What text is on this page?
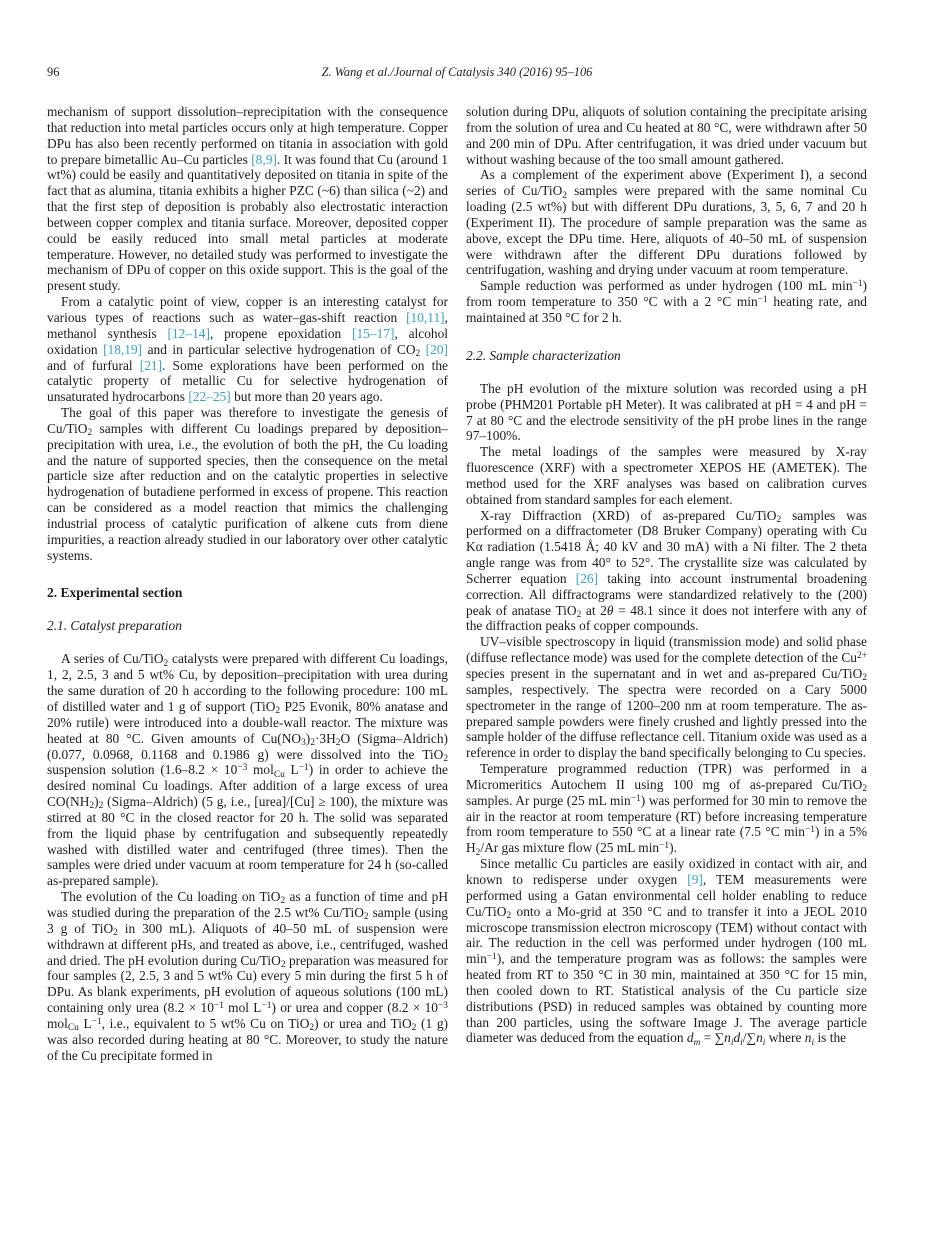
96	Z. Wang et al./Journal of Catalysis 340 (2016) 95–106

mechanism of support dissolution–reprecipitation with the consequence that reduction into metal particles occurs only at high temperature. Copper DPu has also been recently performed on titania in association with gold to prepare bimetallic Au–Cu particles [8,9]. It was found that Cu (around 1 wt%) could be easily and quantitatively deposited on titania in spite of the fact that as alumina, titania exhibits a higher PZC (~6) than silica (~2) and that the first step of deposition is probably also electrostatic interaction between copper complex and titania surface. Moreover, deposited copper could be easily reduced into small metal particles at moderate temperature. However, no detailed study was performed to investigate the mechanism of DPu of copper on this oxide support. This is the goal of the present study.

From a catalytic point of view, copper is an interesting catalyst for various types of reactions such as water–gas-shift reaction [10,11], methanol synthesis [12–14], propene epoxidation [15–17], alcohol oxidation [18,19] and in particular selective hydrogenation of $CO_2$ [20] and of furfural [21]. Some explorations have been performed on the catalytic property of metallic Cu for selective hydrogenation of unsaturated hydrocarbons [22–25] but more than 20 years ago.

The goal of this paper was therefore to investigate the genesis of Cu/TiO$_2$ samples with different Cu loadings prepared by deposition–precipitation with urea, i.e., the evolution of both the pH, the Cu loading and the nature of supported species, then the consequence on the metal particle size after reduction and on the catalytic properties in selective hydrogenation of butadiene performed in excess of propene. This reaction can be considered as a model reaction that mimics the challenging industrial process of catalytic purification of alkene cuts from diene impurities, a reaction already studied in our laboratory over other catalytic systems.

2. Experimental section
2.1. Catalyst preparation

A series of Cu/TiO$_2$ catalysts were prepared with different Cu loadings, 1, 2, 2.5, 3 and 5 wt% Cu, by deposition–precipitation with urea during the same duration of 20 h according to the following procedure: 100 mL of distilled water and 1 g of support (TiO$_2$ P25 Evonik, 80% anatase and 20% rutile) were introduced into a double-wall reactor. The mixture was heated at 80 °C. Given amounts of $Cu(NO_3)_2\cdot 3H_2O$ (Sigma–Aldrich) (0.077, 0.0968, 0.1168 and 0.1986 g) were dissolved into the TiO$_2$ suspension solution ($1.6-8.2 \times 10^{-3}$ mol$_{Cu}$ $L^{-1}$) in order to achieve the desired nominal Cu loadings. After addition of a large excess of urea $CO(NH_2)_2$ (Sigma–Aldrich) (5 g, i.e., [urea]/[Cu] ≥ 100), the mixture was stirred at 80 °C in the closed reactor for 20 h. The solid was separated from the liquid phase by centrifugation and subsequently repeatedly washed with distilled water and centrifuged (three times). Then the samples were dried under vacuum at room temperature for 24 h (so-called as-prepared sample).

The evolution of the Cu loading on TiO$_2$ as a function of time and pH was studied during the preparation of the 2.5 wt% Cu/TiO$_2$ sample (using 3 g of TiO$_2$ in 300 mL). Aliquots of 40–50 mL of suspension were withdrawn at different pHs, and treated as above, i.e., centrifuged, washed and dried. The pH evolution during Cu/TiO$_2$ preparation was measured for four samples (2, 2.5, 3 and 5 wt% Cu) every 5 min during the first 5 h of DPu. As blank experiments, pH evolution of aqueous solutions (100 mL) containing only urea ($8.2 \times 10^{-1}$ mol $L^{-1}$) or urea and copper ($8.2 \times 10^{-3}$ mol$_{Cu}$ $L^{-1}$, i.e., equivalent to 5 wt% Cu on TiO$_2$) or urea and TiO$_2$ (1 g) was also recorded during heating at 80 °C. Moreover, to study the nature of the Cu precipitate formed in

solution during DPu, aliquots of solution containing the precipitate arising from the solution of urea and Cu heated at 80 °C, were withdrawn after 50 and 200 min of DPu. After centrifugation, it was dried under vacuum but without washing because of the too small amount gathered.

As a complement of the experiment above (Experiment I), a second series of Cu/TiO$_2$ samples were prepared with the same nominal Cu loading (2.5 wt%) but with different DPu durations, 3, 5, 6, 7 and 20 h (Experiment II). The procedure of sample preparation was the same as above, except the DPu time. Here, aliquots of 40–50 mL of suspension were withdrawn after the different DPu durations followed by centrifugation, washing and drying under vacuum at room temperature.

Sample reduction was performed as under hydrogen (100 mL $\min^{-1}$) from room temperature to 350 °C with a 2 °C $\min^{-1}$ heating rate, and maintained at 350 °C for 2 h.

2.2. Sample characterization

The pH evolution of the mixture solution was recorded using a pH probe (PHM201 Portable pH Meter). It was calibrated at pH = 4 and pH = 7 at 80 °C and the electrode sensitivity of the pH probe lines in the range 97–100%.

The metal loadings of the samples were measured by X-ray fluorescence (XRF) with a spectrometer XEPOS HE (AMETEK). The method used for the XRF analyses was based on calibration curves obtained from standard samples for each element.

X-ray Diffraction (XRD) of as-prepared Cu/TiO$_2$ samples was performed on a diffractometer (D8 Bruker Company) operating with Cu Kα radiation (1.5418 Å; 40 kV and 30 mA) with a Ni filter. The 2 theta angle range was from 40° to 52°. The crystallite size was calculated by Scherrer equation [26] taking into account instrumental broadening correction. All diffractograms were standardized relatively to the (200) peak of anatase TiO$_2$ at 2θ = 48.1 since it does not interfere with any of the diffraction peaks of copper compounds.

UV–visible spectroscopy in liquid (transmission mode) and solid phase (diffuse reflectance mode) was used for the complete detection of the $Cu^{2+}$ species present in the supernatant and in wet and as-prepared Cu/TiO$_2$ samples, respectively. The spectra were recorded on a Cary 5000 spectrometer in the range of 1200–200 nm at room temperature. The as-prepared sample powders were finely crushed and lightly pressed into the sample holder of the diffuse reflectance cell. Titanium oxide was used as a reference in order to display the band specifically belonging to Cu species.

Temperature programmed reduction (TPR) was performed in a Micromeritics Autochem II using 100 mg of as-prepared Cu/TiO$_2$ samples. Ar purge (25 mL $\min^{-1}$) was performed for 30 min to remove the air in the reactor at room temperature (RT) before increasing temperature from room temperature to 550 °C at a linear rate (7.5 °C $\min^{-1}$) in a 5% $H_2/Ar$ gas mixture flow (25 mL $\min^{-1}$).

Since metallic Cu particles are easily oxidized in contact with air, and known to redisperse under oxygen [9], TEM measurements were performed using a Gatan environmental cell holder enabling to reduce Cu/TiO$_2$ onto a Mo-grid at 350 °C and to transfer it into a JEOL 2010 microscope transmission electron microscopy (TEM) without contact with air. The reduction in the cell was performed under hydrogen (100 mL $\min^{-1}$), and the temperature program was as follows: the samples were heated from RT to 350 °C in 30 min, maintained at 350 °C for 15 min, then cooled down to RT. Statistical analysis of the Cu particle size distributions (PSD) in reduced samples was obtained by counting more than 200 particles, using the software Image J. The average particle diameter was deduced from the equation $d_m = \sum n_id_i/\sum n_i$ where $n_i$ is the
